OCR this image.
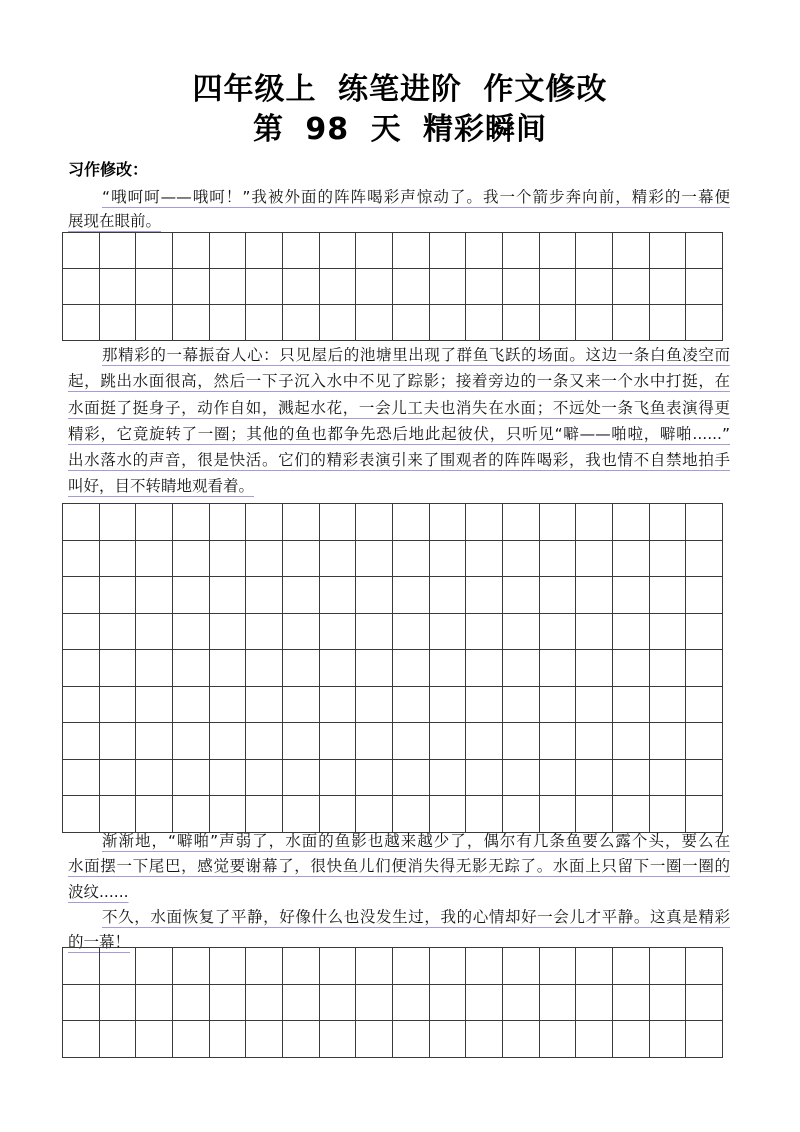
四年级上 练笔进阶 作文修改
第 98 天 精彩瞬间
习作修改：
“哦呵呵——哦呵！”我被外面的阵阵喝彩声惊动了。我一个箭步奔向前，精彩的一幕便
展现在眼前。
那精彩的一幕振奋人心：只见屋后的池塘里出现了群鱼飞跃的场面。这边一条白鱼凌空而
起，跳出水面很高，然后一下子沉入水中不见了踪影；接着旁边的一条又来一个水中打挺，在
水面挺了挺身子，动作自如，溅起水花，一会儿工夫也消失在水面；不远处一条飞鱼表演得更
精彩，它竟旋转了一圈；其他的鱼也都争先恐后地此起彼伏，只听见“噼——啪啦，噼啪......”
出水落水的声音，很是快活。它们的精彩表演引来了围观者的阵阵喝彩，我也情不自禁地拍手
叫好，目不转睛地观看着。
渐渐地，“噼啪”声弱了，水面的鱼影也越来越少了，偶尔有几条鱼要么露个头，要么在
水面摆一下尾巴，感觉要谢幕了，很快鱼儿们便消失得无影无踪了。水面上只留下一圈一圈的
波纹......
不久，水面恢复了平静，好像什么也没发生过，我的心情却好一会儿才平静。这真是精彩
的一幕！
